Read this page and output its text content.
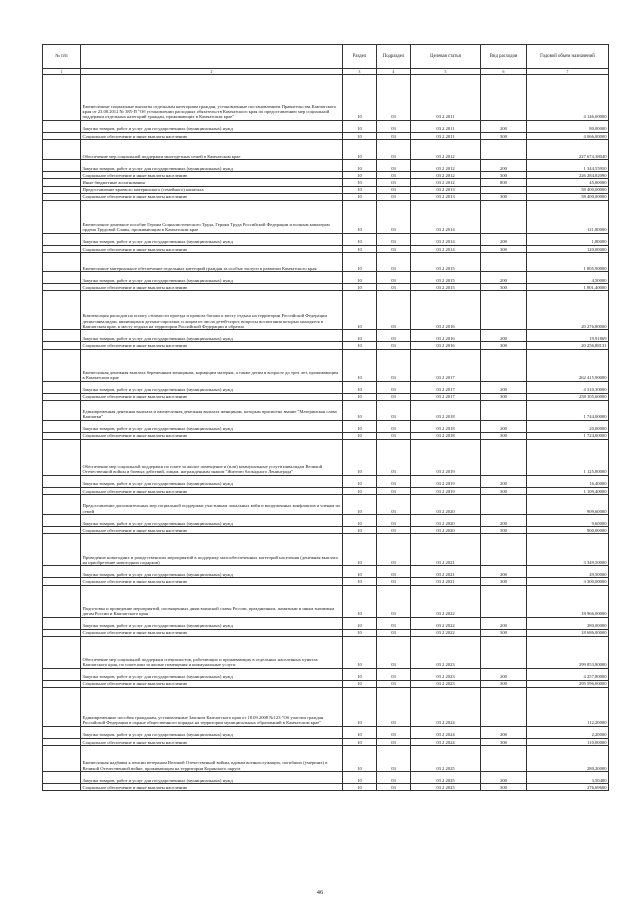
№ п/п		Раздел	Подраздел	Целевая статья	Вид расходов	Годовой объем назначений
1	2	3	4	5	6	7
	Ежемесячные социальные выплаты отдельным категориям граждан, установленные постановлением Правительства Камчатского края от 23.08.2012 № 385-П "Об установлении расходных обязательств Камчатского края по предоставлению мер социальной поддержки отдельных категорий граждан, проживающих в Камчатском крае"	10	03	03 2 2011		4 146,00000
	Закупка товаров, работ и услуг для государственных (муниципальных) нужд	10	03	03 2 2011	200	80,00000
	Социальное обеспечение и иные выплаты населению	10	03	03 2 2011	300	4 066,00000
	Обеспечение мер социальной поддержки многодетных семей в Камчатском крае	10	03	03 2 2012		227 674,38040
	Закупка товаров, работ и услуг для государственных (муниципальных) нужд	10	03	03 2 2012	200	1 344,55950
	Социальное обеспечение и иные выплаты населению	10	03	03 2 2012	300	226 284,82090
	Иные бюджетные ассигнования	10	03	03 2 2012	800	45,00000
	Предоставление краевого материнского (семейного) капитала	10	03	03 2 2013		58 400,00000
	Социальное обеспечение и иные выплаты населению	10	03	03 2 2013	300	58 400,00000
	Ежемесячное денежное пособие Героям Социалистического Труда, Героям Труда Российской Федерации и полным кавалерам ордена Трудовой Славы, проживающим в Камчатском крае	10	03	03 2 2014		121,80000
	Закупка товаров, работ и услуг для государственных (муниципальных) нужд	10	03	03 2 2014	200	1,80000
	Социальное обеспечение и иные выплаты населению	10	03	03 2 2014	300	120,00000
	Ежемесячное материальное обеспечение отдельных категорий граждан за особые заслуги в развитии Камчатского края	10	03	03 2 2015		1 805,90000
	Закупка товаров, работ и услуг для государственных (муниципальных) нужд	10	03	03 2 2015	200	4,50000
	Социальное обеспечение и иные выплаты населению	10	03	03 2 2015	300	1 801,40000
	Компенсация расходов на оплату стоимости проезда и провоза багажа к месту отдыха на территории Российской Федерации детям-инвалидам, являющимся детьми-сиротами, и лицам из числа детей-сирот, вопросы воспитания которых находятся в Камчатском крае, к месту отдыха на территории Российской Федерации и обратно	10	03	03 2 2016		20 276,80000
	Закупка товаров, работ и услуг для государственных (муниципальных) нужд	10	03	03 2 2016	200	19,91869
	Социальное обеспечение и иные выплаты населению	10	03	03 2 2016	300	20 256,88131
	Ежемесячная денежная выплата беременным женщинам, кормящим матерям, а также детям в возрасте до трех лет, проживающим в Камчатском крае	10	03	03 2 2017		262 415,90000
	Закупка товаров, работ и услуг для государственных (муниципальных) нужд	10	03	03 2 2017	200	4 310,30000
	Социальное обеспечение и иные выплаты населению	10	03	03 2 2017	300	258 105,60000
	Единовременная денежная выплата и ежемесячная денежная выплата женщинам, которым присвоено звание "Материнская слава Камчатки"	10	03	03 2 2018		1 744,00000
	Закупка товаров, работ и услуг для государственных (муниципальных) нужд	10	03	03 2 2018	200	20,00000
	Социальное обеспечение и иные выплаты населению	10	03	03 2 2018	300	1 724,00000
	Обеспечение мер социальной поддержки по плате за жилое помещение и (или) коммунальные услуги инвалидам Великой Отечественной войны и боевых действий, лицам, награжденным знаком "Жителю блокадного Ленинграда"	10	03	03 2 2019		1 125,80000
	Закупка товаров, работ и услуг для государственных (муниципальных) нужд	10	03	03 2 2019	200	16,40000
	Социальное обеспечение и иные выплаты населению	10	03	03 2 2019	300	1 109,40000
	Предоставление дополнительных мер социальной поддержки участникам локальных войн и вооруженных конфликтов и членам их семей	10	03	03 2 2020		909,60000
	Закупка товаров, работ и услуг для государственных (муниципальных) нужд	10	03	03 2 2020	200	9,60000
	Социальное обеспечение и иные выплаты населению	10	03	03 2 2020	300	900,00000
	Проведение новогодних и рождественских мероприятий в поддержку малообеспеченных категорий населения (денежная выплата на приобретение новогодних подарков)	10	03	03 2 2021		3 349,50000
	Закупка товаров, работ и услуг для государственных (муниципальных) нужд	10	03	03 2 2021	200	49,50000
	Социальное обеспечение и иные выплаты населению	10	03	03 2 2021	300	3 300,00000
	Подготовка и проведение мероприятий, посвященных дням воинской славы России, праздничным, памятным и иным значимым датам России и Камчатского края	10	03	03 2 2022		18 966,00000
	Закупка товаров, работ и услуг для государственных (муниципальных) нужд	10	03	03 2 2022	200	280,00000
	Социальное обеспечение и иные выплаты населению	10	03	03 2 2022	300	18 686,00000
	Обеспечение мер социальной поддержки специалистов, работающих и проживающих в отдельных населенных пунктах Камчатского края, по плате ими за жилые помещения и коммунальные услуги	10	03	03 2 2023		299 853,80000
	Закупка товаров, работ и услуг для государственных (муниципальных) нужд	10	03	03 2 2023	200	4 257,80000
	Социальное обеспечение и иные выплаты населению	10	03	03 2 2023	300	295 596,00000
	Единовременные пособия гражданам, установленные Законом Камчатского края от 18.09.2008 №123 "Об участии граждан Российской Федерации в охране общественного порядка на территории муниципальных образований в Камчатском крае"	10	03	03 2 2024		112,20000
	Закупка товаров, работ и услуг для государственных (муниципальных) нужд	10	03	03 2 2024	200	2,20000
	Социальное обеспечение и иные выплаты населению	10	03	03 2 2024	300	110,00000
	Ежемесячная надбавка к пенсии ветеранам Великой Отечественной войны, вдовам военнослужащих, погибших (умерших) в Великой Отечественной войне, проживающим на территории Корякского округа	10	03	03 2 2025		280,20000
	Закупка товаров, работ и услуг для государственных (муниципальных) нужд	10	03	03 2 2025	200	3,50400
	Социальное обеспечение и иные выплаты населению	10	03	03 2 2025	300	276,69600
46
